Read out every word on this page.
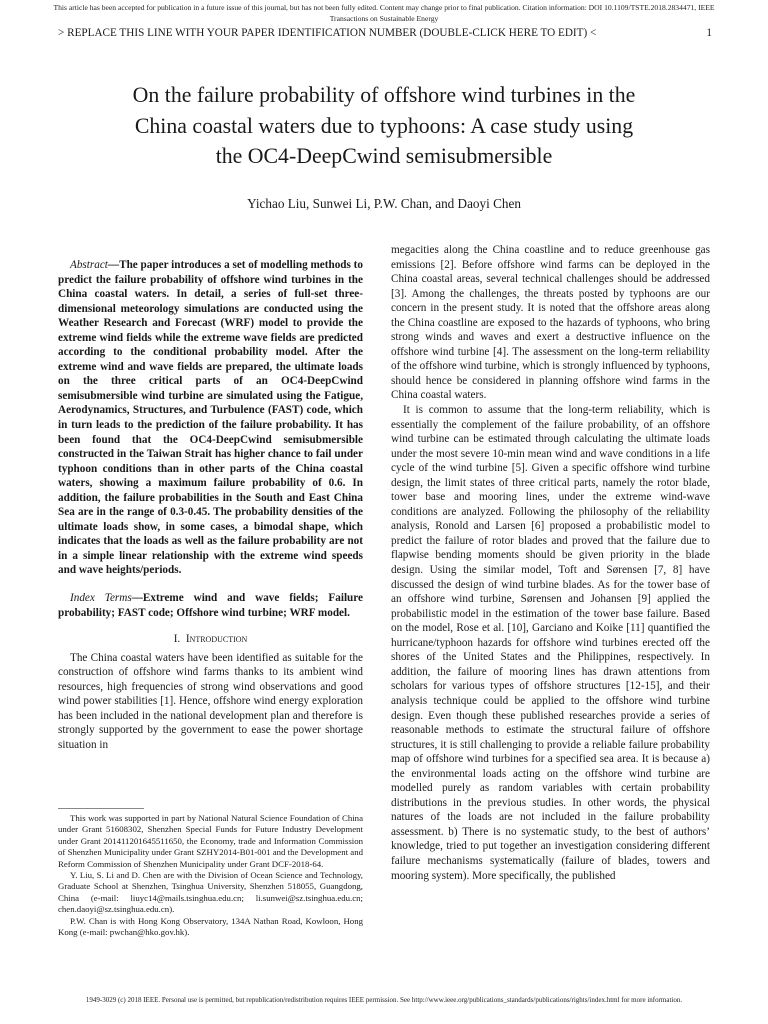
This article has been accepted for publication in a future issue of this journal, but has not been fully edited. Content may change prior to final publication. Citation information: DOI 10.1109/TSTE.2018.2834471, IEEE
Transactions on Sustainable Energy
> REPLACE THIS LINE WITH YOUR PAPER IDENTIFICATION NUMBER (DOUBLE-CLICK HERE TO EDIT) <	1
On the failure probability of offshore wind turbines in the
China coastal waters due to typhoons: A case study using
the OC4-DeepCwind semisubmersible
Yichao Liu, Sunwei Li, P.W. Chan, and Daoyi Chen

Abstract—The paper introduces a set of modelling methods to predict the failure probability of offshore wind turbines in the China coastal waters. In detail, a series of full-set three-dimensional meteorology simulations are conducted using the Weather Research and Forecast (WRF) model to provide the extreme wind fields while the extreme wave fields are predicted according to the conditional probability model. After the extreme wind and wave fields are prepared, the ultimate loads on the three critical parts of an OC4-DeepCwind semisubmersible wind turbine are simulated using the Fatigue, Aerodynamics, Structures, and Turbulence (FAST) code, which in turn leads to the prediction of the failure probability. It has been found that the OC4-DeepCwind semisubmersible constructed in the Taiwan Strait has higher chance to fail under typhoon conditions than in other parts of the China coastal waters, showing a maximum failure probability of 0.6. In addition, the failure probabilities in the South and East China Sea are in the range of 0.3-0.45. The probability densities of the ultimate loads show, in some cases, a bimodal shape, which indicates that the loads as well as the failure probability are not in a simple linear relationship with the extreme wind speeds and wave heights/periods.

Index Terms—Extreme wind and wave fields; Failure probability; FAST code; Offshore wind turbine; WRF model.

I. Introduction

The China coastal waters have been identified as suitable for the construction of offshore wind farms thanks to its ambient wind resources, high frequencies of strong wind observations and good wind power stabilities [1]. Hence, offshore wind energy exploration has been included in the national development plan and therefore is strongly supported by the government to ease the power shortage situation in

This work was supported in part by National Natural Science Foundation of China under Grant 51608302, Shenzhen Special Funds for Future Industry Development under Grant 201411201645511650, the Economy, trade and Information Commission of Shenzhen Municipality under Grant SZHY2014-B01-001 and the Development and Reform Commission of Shenzhen Municipality under Grant DCF-2018-64.

Y. Liu, S. Li and D. Chen are with the Division of Ocean Science and Technology, Graduate School at Shenzhen, Tsinghua University, Shenzhen 518055, Guangdong, China (e-mail: liuyc14@mails.tsinghua.edu.cn; li.sunwei@sz.tsinghua.edu.cn; chen.daoyi@sz.tsinghua.edu.cn).

P.W. Chan is with Hong Kong Observatory, 134A Nathan Road, Kowloon, Hong Kong (e-mail: pwchan@hko.gov.hk).

megacities along the China coastline and to reduce greenhouse gas emissions [2]. Before offshore wind farms can be deployed in the China coastal areas, several technical challenges should be addressed [3]. Among the challenges, the threats posted by typhoons are our concern in the present study. It is noted that the offshore areas along the China coastline are exposed to the hazards of typhoons, who bring strong winds and waves and exert a destructive influence on the offshore wind turbine [4]. The assessment on the long-term reliability of the offshore wind turbine, which is strongly influenced by typhoons, should hence be considered in planning offshore wind farms in the China coastal waters.

It is common to assume that the long-term reliability, which is essentially the complement of the failure probability, of an offshore wind turbine can be estimated through calculating the ultimate loads under the most severe 10-min mean wind and wave conditions in a life cycle of the wind turbine [5]. Given a specific offshore wind turbine design, the limit states of three critical parts, namely the rotor blade, tower base and mooring lines, under the extreme wind-wave conditions are analyzed. Following the philosophy of the reliability analysis, Ronold and Larsen [6] proposed a probabilistic model to predict the failure of rotor blades and proved that the failure due to flapwise bending moments should be given priority in the blade design. Using the similar model, Toft and Sørensen [7, 8] have discussed the design of wind turbine blades. As for the tower base of an offshore wind turbine, Sørensen and Johansen [9] applied the probabilistic model in the estimation of the tower base failure. Based on the model, Rose et al. [10], Garciano and Koike [11] quantified the hurricane/typhoon hazards for offshore wind turbines erected off the shores of the United States and the Philippines, respectively. In addition, the failure of mooring lines has drawn attentions from scholars for various types of offshore structures [12-15], and their analysis technique could be applied to the offshore wind turbine design. Even though these published researches provide a series of reasonable methods to estimate the structural failure of offshore structures, it is still challenging to provide a reliable failure probability map of offshore wind turbines for a specified sea area. It is because a) the environmental loads acting on the offshore wind turbine are modelled purely as random variables with certain probability distributions in the previous studies. In other words, the physical natures of the loads are not included in the failure probability assessment. b) There is no systematic study, to the best of authors’ knowledge, tried to put together an investigation considering different failure mechanisms systematically (failure of blades, towers and mooring system). More specifically, the published

1949-3029 (c) 2018 IEEE. Personal use is permitted, but republication/redistribution requires IEEE permission. See http://www.ieee.org/publications_standards/publications/rights/index.html for more information.
